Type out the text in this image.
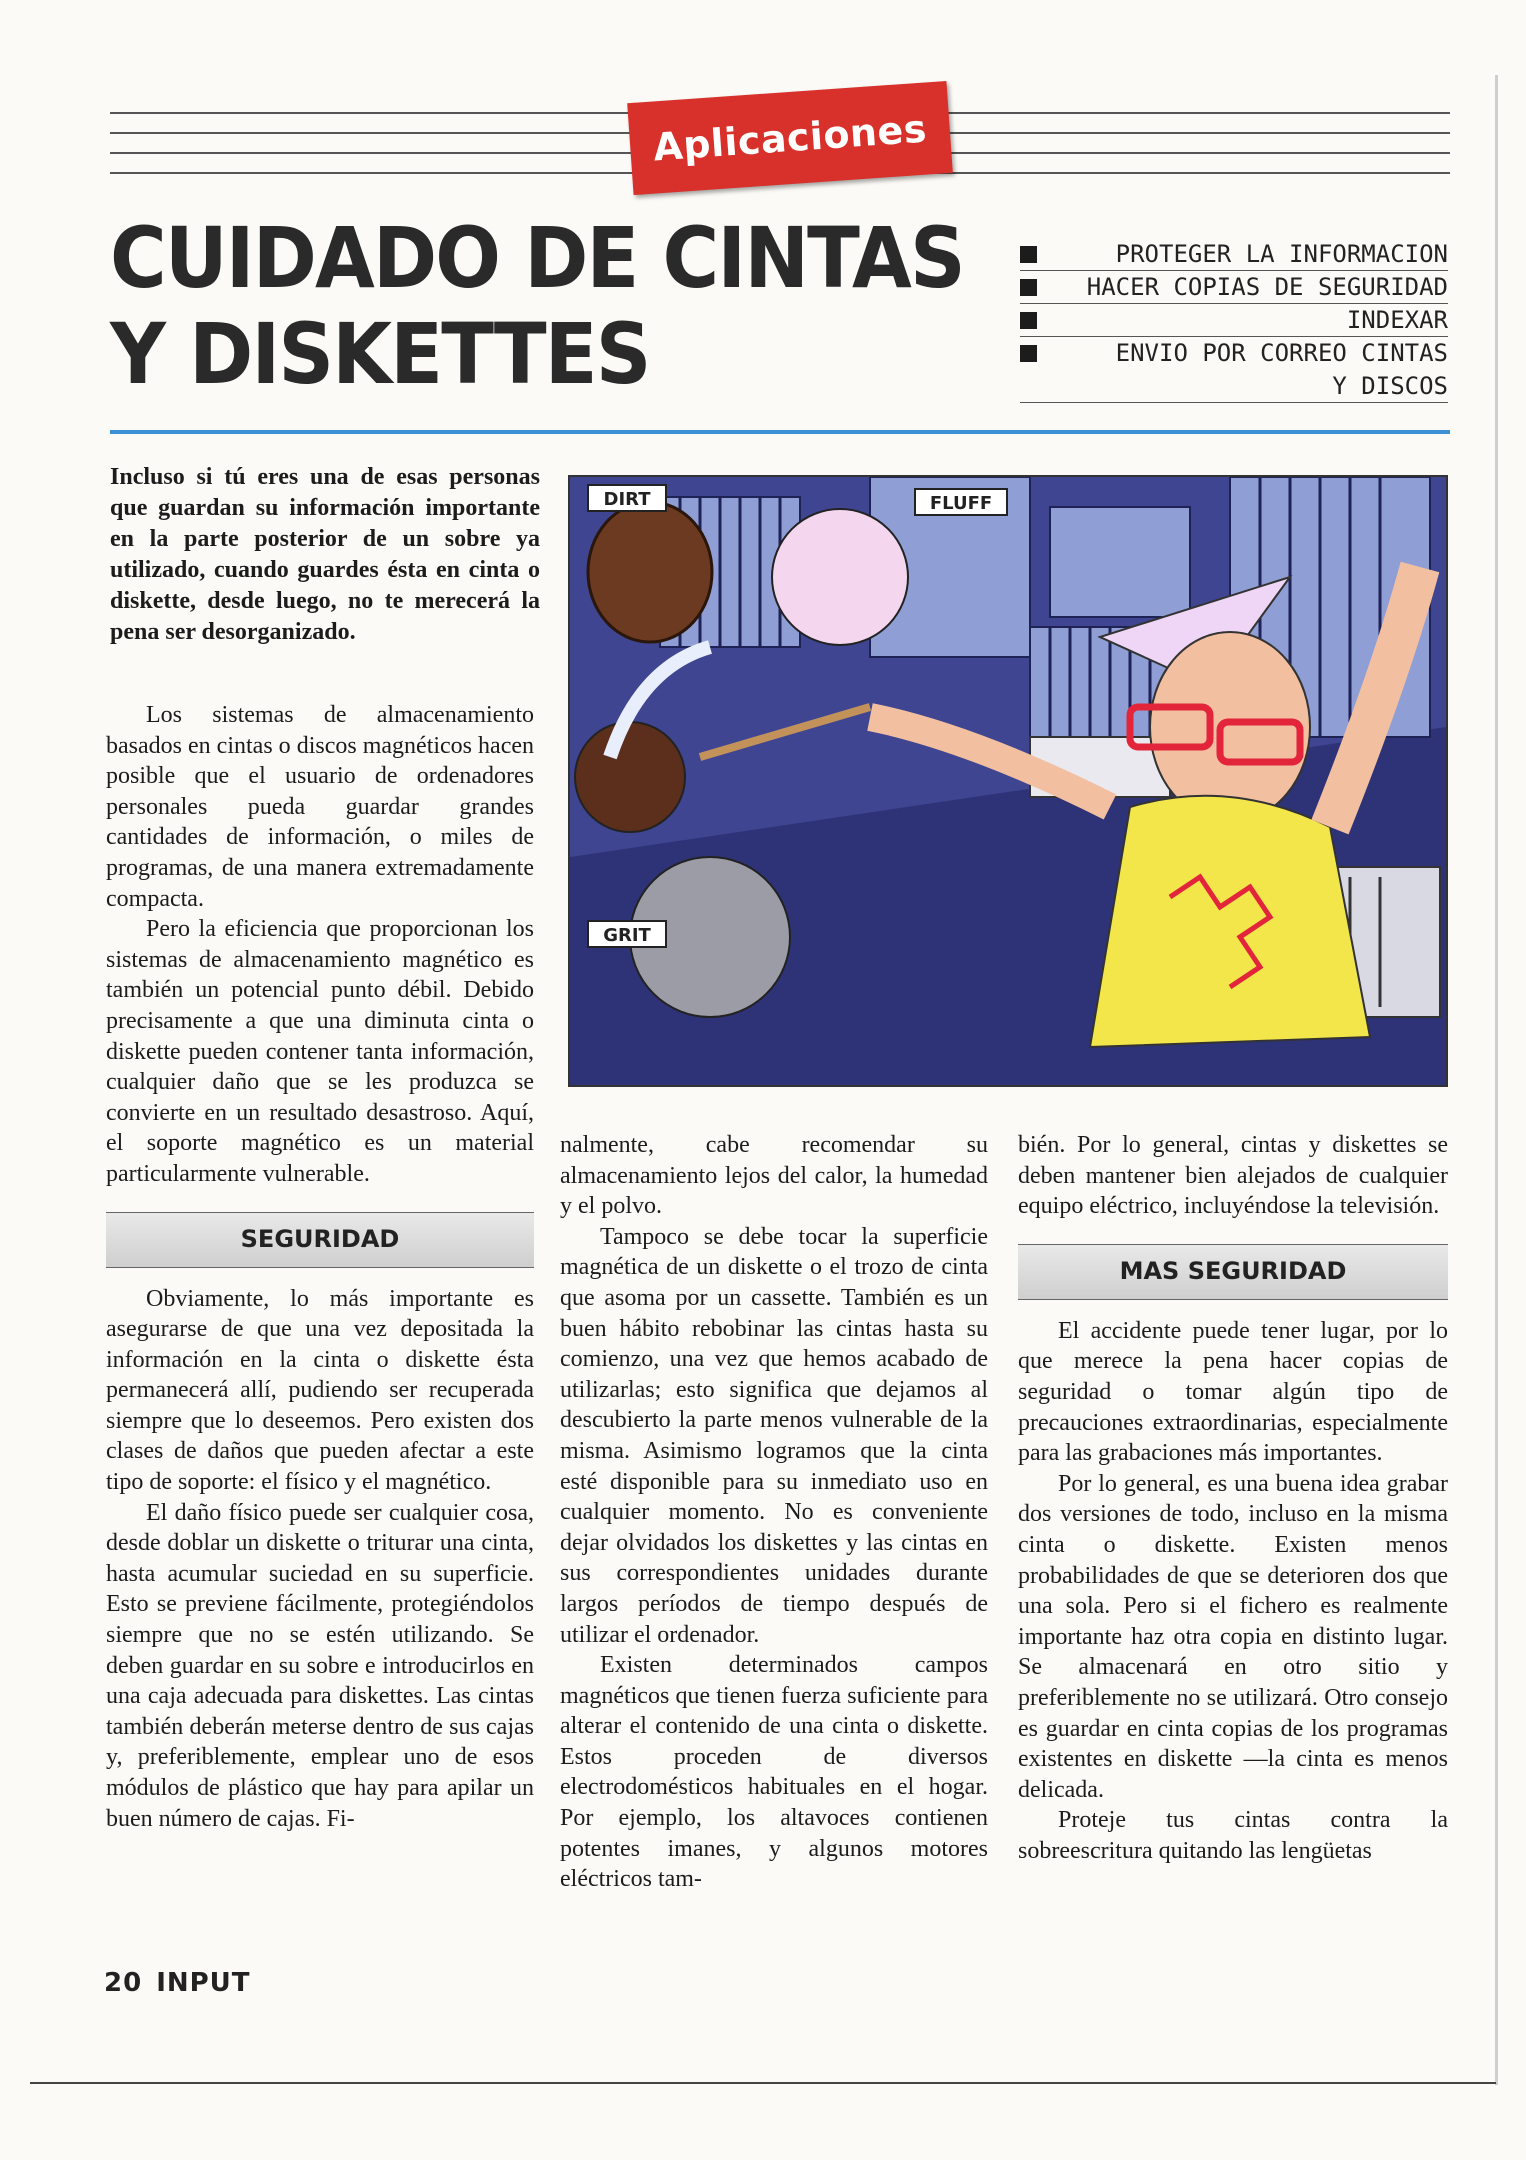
Aplicaciones
CUIDADO DE CINTAS
Y DISKETTES
PROTEGER LA INFORMACION
HACER COPIAS DE SEGURIDAD
INDEXAR
ENVIO POR CORREO CINTAS
Y DISCOS
Incluso si tú eres una de esas personas que guardan su información importante en la parte posterior de un sobre ya utilizado, cuando guardes ésta en cinta o diskette, desde luego, no te merecerá la pena ser desorganizado.
DIRT	FLUFF
GRIT

Los sistemas de almacenamiento basados en cintas o discos magnéticos hacen posible que el usuario de ordenadores personales pueda guardar grandes cantidades de información, o miles de programas, de una manera extremadamente compacta.

Pero la eficiencia que proporcionan los sistemas de almacenamiento magnético es también un potencial punto débil. Debido precisamente a que una diminuta cinta o diskette pueden contener tanta información, cualquier daño que se les produzca se convierte en un resultado desastroso. Aquí, el soporte magnético es un material particularmente vulnerable.

SEGURIDAD

Obviamente, lo más importante es asegurarse de que una vez depositada la información en la cinta o diskette ésta permanecerá allí, pudiendo ser recuperada siempre que lo deseemos. Pero existen dos clases de daños que pueden afectar a este tipo de soporte: el físico y el magnético.

El daño físico puede ser cualquier cosa, desde doblar un diskette o triturar una cinta, hasta acumular suciedad en su superficie. Esto se previene fácilmente, protegiéndolos siempre que no se estén utilizando. Se deben guardar en su sobre e introducirlos en una caja adecuada para diskettes. Las cintas también deberán meterse dentro de sus cajas y, preferiblemente, emplear uno de esos módulos de plástico que hay para apilar un buen número de cajas. Fi-

nalmente, cabe recomendar su almacenamiento lejos del calor, la humedad y el polvo.

Tampoco se debe tocar la superficie magnética de un diskette o el trozo de cinta que asoma por un cassette. También es un buen hábito rebobinar las cintas hasta su comienzo, una vez que hemos acabado de utilizarlas; esto significa que dejamos al descubierto la parte menos vulnerable de la misma. Asimismo logramos que la cinta esté disponible para su inmediato uso en cualquier momento. No es conveniente dejar olvidados los diskettes y las cintas en sus correspondientes unidades durante largos períodos de tiempo después de utilizar el ordenador.

Existen determinados campos magnéticos que tienen fuerza suficiente para alterar el contenido de una cinta o diskette. Estos proceden de diversos electrodomésticos habituales en el hogar. Por ejemplo, los altavoces contienen potentes imanes, y algunos motores eléctricos tam-

bién. Por lo general, cintas y diskettes se deben mantener bien alejados de cualquier equipo eléctrico, incluyéndose la televisión.

MAS SEGURIDAD

El accidente puede tener lugar, por lo que merece la pena hacer copias de seguridad o tomar algún tipo de precauciones extraordinarias, especialmente para las grabaciones más importantes.

Por lo general, es una buena idea grabar dos versiones de todo, incluso en la misma cinta o diskette. Existen menos probabilidades de que se deterioren dos que una sola. Pero si el fichero es realmente importante haz otra copia en distinto lugar. Se almacenará en otro sitio y preferiblemente no se utilizará. Otro consejo es guardar en cinta copias de los programas existentes en diskette —la cinta es menos delicada.

Proteje tus cintas contra la sobreescritura quitando las lengüetas

20 INPUT
